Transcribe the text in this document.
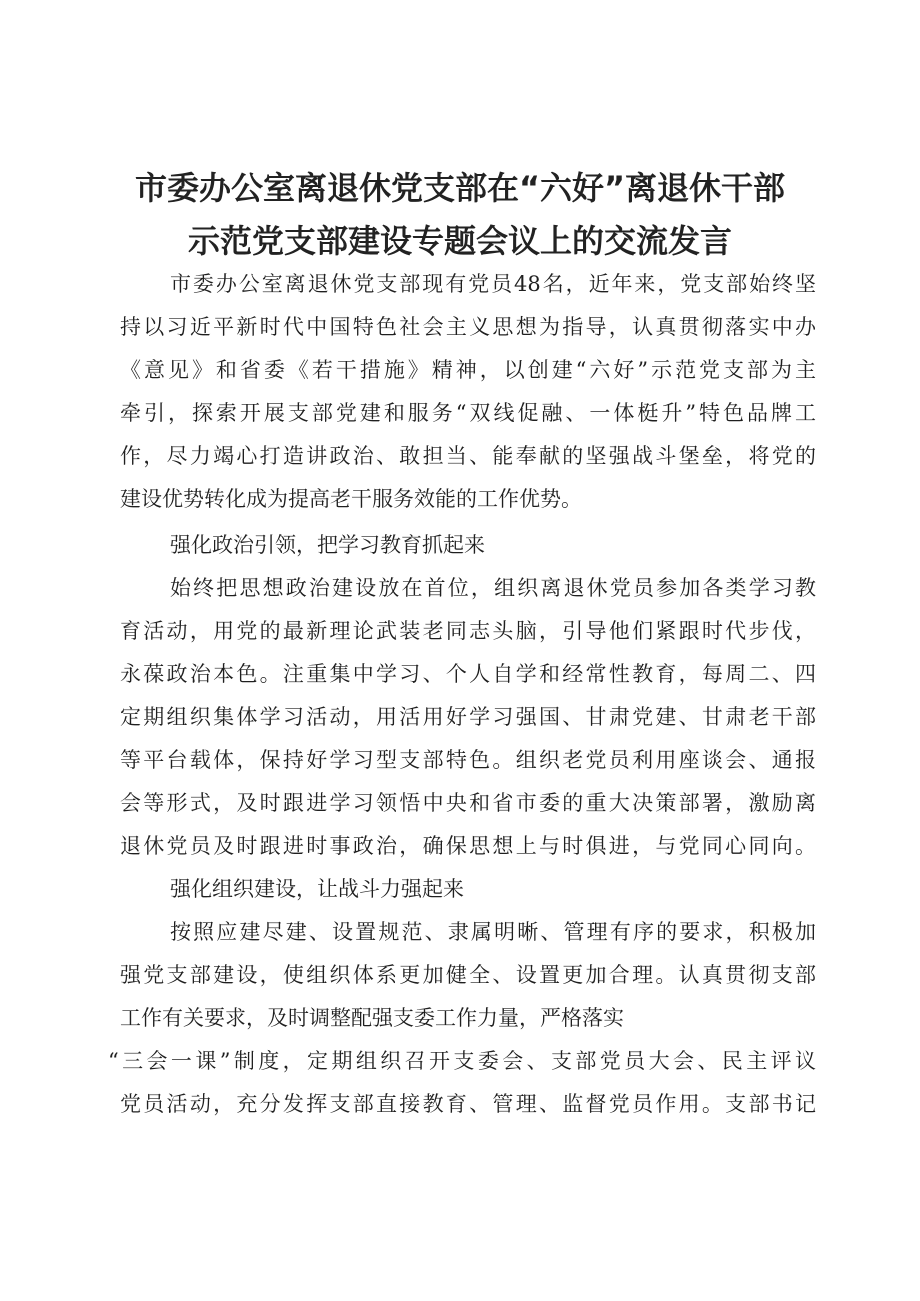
市委办公室离退休党支部在“六好”离退休干部
示范党支部建设专题会议上的交流发言

市委办公室离退休党支部现有党员48名，近年来，党支部始终坚

持以习近平新时代中国特色社会主义思想为指导，认真贯彻落实中办

《意见》和省委《若干措施》精神，以创建“六好”示范党支部为主

牵引，探索开展支部党建和服务“双线促融、一体梃升”特色品牌工

作，尽力竭心打造讲政治、敢担当、能奉献的坚强战斗堡垒，将党的

建设优势转化成为提高老干服务效能的工作优势。

强化政治引领，把学习教育抓起来

始终把思想政治建设放在首位，组织离退休党员参加各类学习教

育活动，用党的最新理论武装老同志头脑，引导他们紧跟时代步伐，

永葆政治本色。注重集中学习、个人自学和经常性教育，每周二、四

定期组织集体学习活动，用活用好学习强国、甘肃党建、甘肃老干部

等平台载体，保持好学习型支部特色。组织老党员利用座谈会、通报

会等形式，及时跟进学习领悟中央和省市委的重大决策部署，激励离

退休党员及时跟进时事政治，确保思想上与时俱进，与党同心同向。

强化组织建设，让战斗力强起来

按照应建尽建、设置规范、隶属明晰、管理有序的要求，积极加

强党支部建设，使组织体系更加健全、设置更加合理。认真贯彻支部

工作有关要求，及时调整配强支委工作力量，严格落实

“三会一课”制度，定期组织召开支委会、支部党员大会、民主评议

党员活动，充分发挥支部直接教育、管理、监督党员作用。支部书记
